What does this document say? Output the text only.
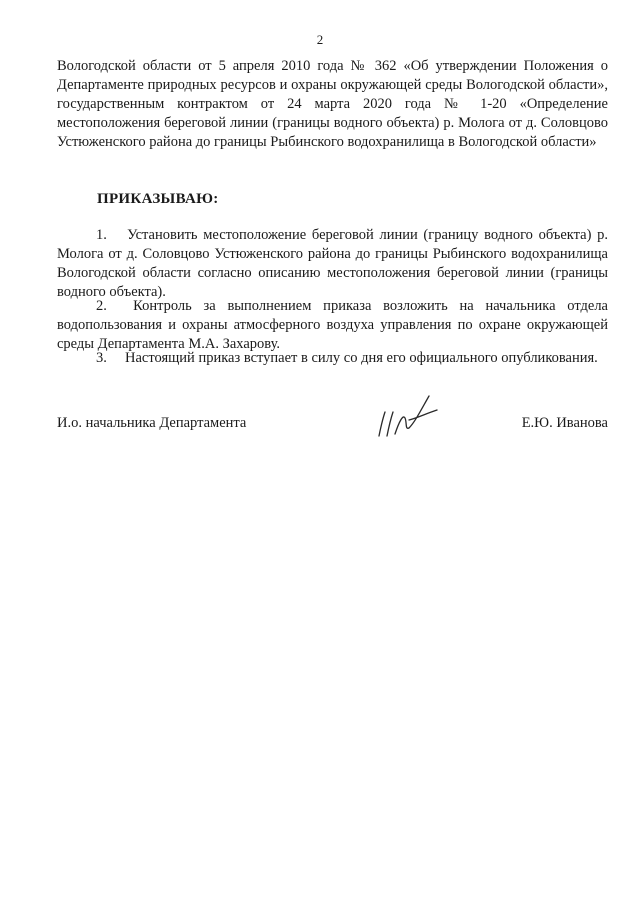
2
Вологодской области от 5 апреля 2010 года № 362 «Об утверждении Положения о Департаменте природных ресурсов и охраны окружающей среды Вологодской области», государственным контрактом от 24 марта 2020 года № 1-20 «Определение местоположения береговой линии (границы водного объекта) р. Молога от д. Соловцово Устюженского района до границы Рыбинского водохранилища в Вологодской области»
ПРИКАЗЫВАЮ:
1.  Установить местоположение береговой линии (границу водного объекта) р. Молога от д. Соловцово Устюженского района до границы Рыбинского водохранилища Вологодской области согласно описанию местоположения береговой линии (границы водного объекта).
2.  Контроль за выполнением приказа возложить на начальника отдела водопользования и охраны атмосферного воздуха управления по охране окружающей среды Департамента М.А. Захарову.
3.  Настоящий приказ вступает в силу со дня его официального опубликования.
И.о. начальника Департамента	Е.Ю. Иванова
